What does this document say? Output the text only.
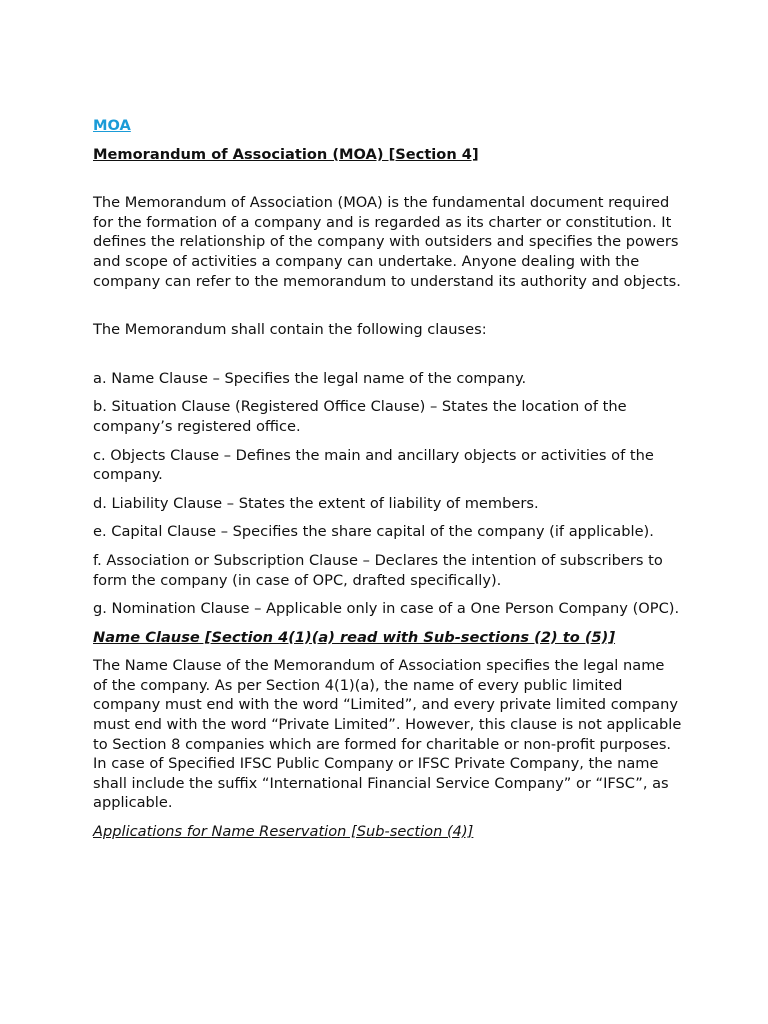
MOA

Memorandum of Association (MOA) [Section 4]

The Memorandum of Association (MOA) is the fundamental document required for the formation of a company and is regarded as its charter or constitution. It defines the relationship of the company with outsiders and specifies the powers and scope of activities a company can undertake. Anyone dealing with the company can refer to the memorandum to understand its authority and objects.

The Memorandum shall contain the following clauses:

a. Name Clause – Specifies the legal name of the company.

b. Situation Clause (Registered Office Clause) – States the location of the company’s registered office.

c. Objects Clause – Defines the main and ancillary objects or activities of the company.

d. Liability Clause – States the extent of liability of members.

e. Capital Clause – Specifies the share capital of the company (if applicable).

f. Association or Subscription Clause – Declares the intention of subscribers to form the company (in case of OPC, drafted specifically).

g. Nomination Clause – Applicable only in case of a One Person Company (OPC).

Name Clause [Section 4(1)(a) read with Sub-sections (2) to (5)]

The Name Clause of the Memorandum of Association specifies the legal name of the company. As per Section 4(1)(a), the name of every public limited company must end with the word “Limited”, and every private limited company must end with the word “Private Limited”. However, this clause is not applicable to Section 8 companies which are formed for charitable or non-profit purposes. In case of Specified IFSC Public Company or IFSC Private Company, the name shall include the suffix “International Financial Service Company” or “IFSC”, as applicable.

Applications for Name Reservation [Sub-section (4)]
